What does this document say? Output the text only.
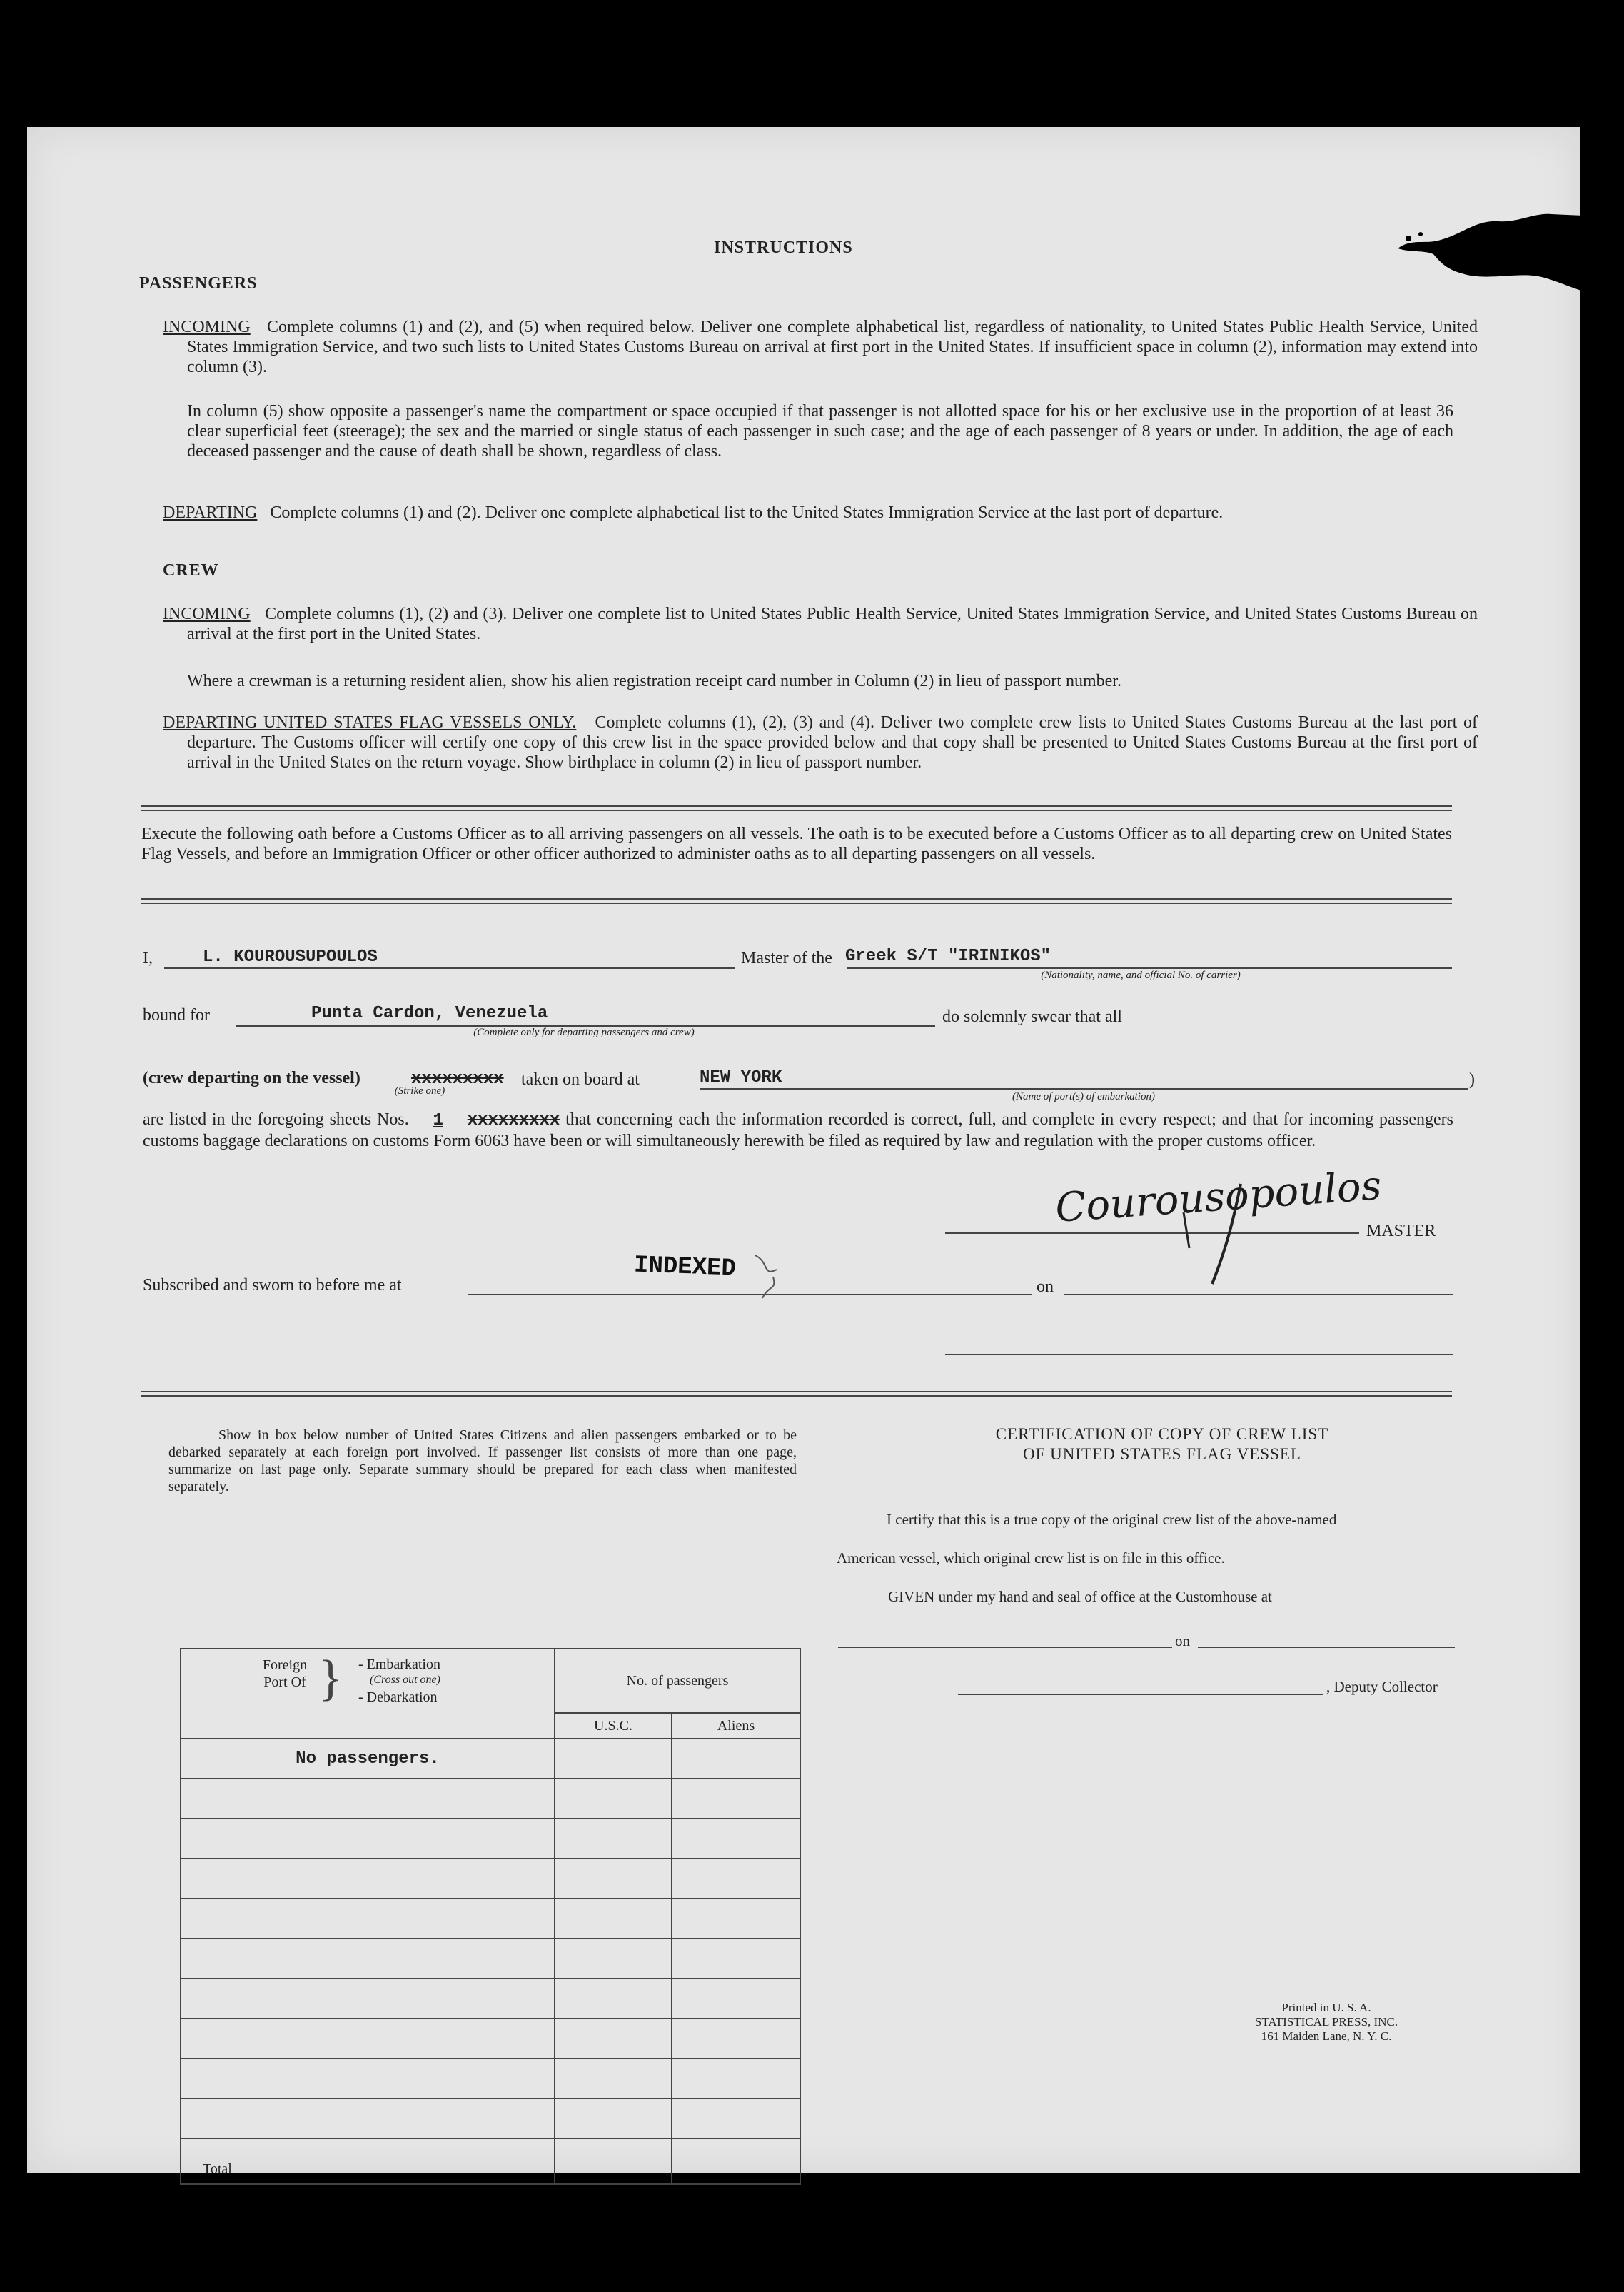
INSTRUCTIONS
PASSENGERS
INCOMING Complete columns (1) and (2), and (5) when required below. Deliver one complete alphabetical list, regardless of nationality, to United States Public Health Service, United States Immigration Service, and two such lists to United States Customs Bureau on arrival at first port in the United States. If insufficient space in column (2), information may extend into column (3).
In column (5) show opposite a passenger's name the compartment or space occupied if that passenger is not allotted space for his or her exclusive use in the proportion of at least 36 clear superficial feet (steerage); the sex and the married or single status of each passenger in such case; and the age of each passenger of 8 years or under. In addition, the age of each deceased passenger and the cause of death shall be shown, regardless of class.
DEPARTING Complete columns (1) and (2). Deliver one complete alphabetical list to the United States Immigration Service at the last port of departure.
CREW
INCOMING Complete columns (1), (2) and (3). Deliver one complete list to United States Public Health Service, United States Immigration Service, and United States Customs Bureau on arrival at the first port in the United States.
Where a crewman is a returning resident alien, show his alien registration receipt card number in Column (2) in lieu of passport number.
DEPARTING UNITED STATES FLAG VESSELS ONLY. Complete columns (1), (2), (3) and (4). Deliver two complete crew lists to United States Customs Bureau at the last port of departure. The Customs officer will certify one copy of this crew list in the space provided below and that copy shall be presented to United States Customs Bureau at the first port of arrival in the United States on the return voyage. Show birthplace in column (2) in lieu of passport number.
Execute the following oath before a Customs Officer as to all arriving passengers on all vessels. The oath is to be executed before a Customs Officer as to all departing crew on United States Flag Vessels, and before an Immigration Officer or other officer authorized to administer oaths as to all departing passengers on all vessels.
I,	L. KOUROUSUPOULOS	Master of the Greek S/T "IRINIKOS"
(Nationality, name, and official No. of carrier)
bound for	Punta Cardon, Venezuela
(Complete only for departing passengers and crew)
do solemnly swear that all
(crew departing on the vessel)	xxxxxxxxx
(Strike one)
taken on board at	NEW YORK
(Name of port(s) of embarkation)
)
are listed in the foregoing sheets Nos. 1 xxxxxxxxx that concerning each the information recorded is correct, full, and complete in every respect; and that for incoming passengers customs baggage declarations on customs Form 6063 have been or will simultaneously herewith be filed as required by law and regulation with the proper customs officer.
Courousopoulos
MASTER
Subscribed and sworn to before me at
INDEXED
on
Show in box below number of United States Citizens and alien passengers embarked or to be debarked separately at each foreign port involved. If passenger list consists of more than one page, summarize on last page only. Separate summary should be prepared for each class when manifested separately.
Foreign Port Of } - Embarkation
(Cross out one)
- Debarkation	No. of passengers	
	U.S.C.	Aliens
No passengers.		

Total		
CERTIFICATION OF COPY OF CREW LIST
OF UNITED STATES FLAG VESSEL
I certify that this is a true copy of the original crew list of the above-named
American vessel, which original crew list is on file in this office.
GIVEN under my hand and seal of office at the Customhouse at
on
, Deputy Collector
Printed in U. S. A.
STATISTICAL PRESS, INC.
161 Maiden Lane, N. Y. C.
